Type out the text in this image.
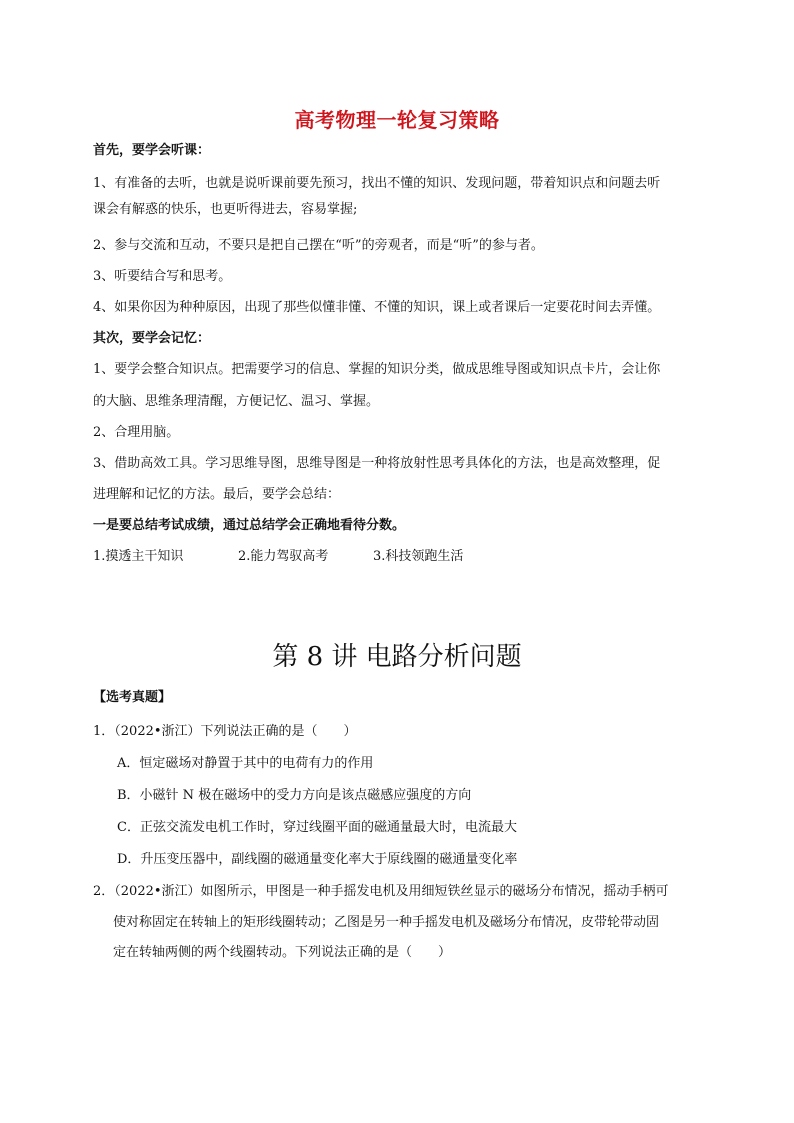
高考物理一轮复习策略
首先，要学会听课：
1、有准备的去听，也就是说听课前要先预习，找出不懂的知识、发现问题，带着知识点和问题去听
课会有解惑的快乐，也更听得进去，容易掌握;
2、参与交流和互动，不要只是把自己摆在“听”的旁观者，而是“听”的参与者。
3、听要结合写和思考。
4、如果你因为种种原因，出现了那些似懂非懂、不懂的知识，课上或者课后一定要花时间去弄懂。
其次，要学会记忆：
1、要学会整合知识点。把需要学习的信息、掌握的知识分类，做成思维导图或知识点卡片，会让你
的大脑、思维条理清醒，方便记忆、温习、掌握。
2、合理用脑。
3、借助高效工具。学习思维导图，思维导图是一种将放射性思考具体化的方法，也是高效整理，促
进理解和记忆的方法。最后，要学会总结：
一是要总结考试成绩，通过总结学会正确地看待分数。
1.摸透主干知识	2.能力驾驭高考	3.科技领跑生活
第 8 讲 电路分析问题
【选考真题】
1．（2022•浙江）下列说法正确的是（　　）
A．恒定磁场对静置于其中的电荷有力的作用
B．小磁针 N 极在磁场中的受力方向是该点磁感应强度的方向
C．正弦交流发电机工作时，穿过线圈平面的磁通量最大时，电流最大
D．升压变压器中，副线圈的磁通量变化率大于原线圈的磁通量变化率
2．（2022•浙江）如图所示，甲图是一种手摇发电机及用细短铁丝显示的磁场分布情况，摇动手柄可
使对称固定在转轴上的矩形线圈转动；乙图是另一种手摇发电机及磁场分布情况，皮带轮带动固
定在转轴两侧的两个线圈转动。下列说法正确的是（　　）
